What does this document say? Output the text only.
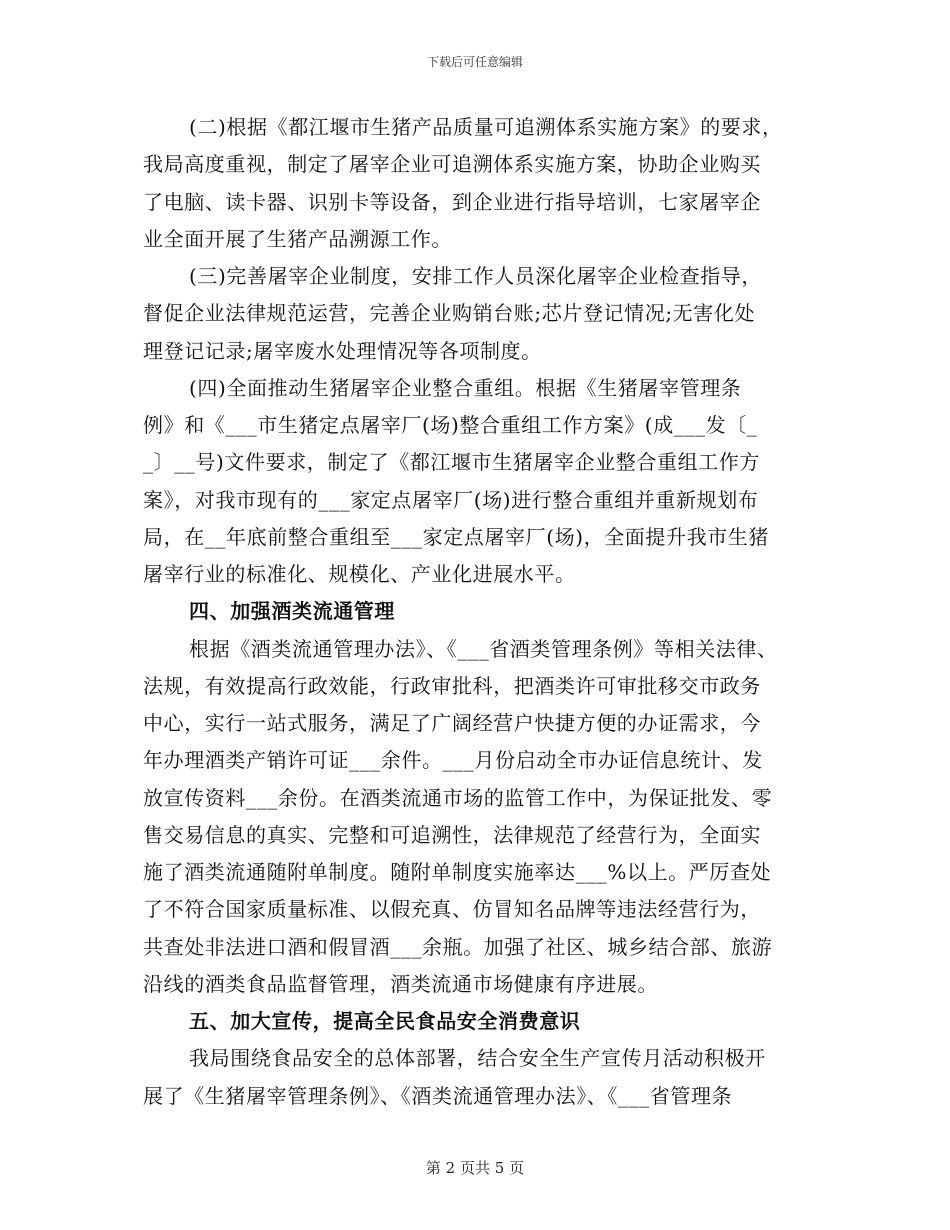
下载后可任意编辑
(二)根据《都江堰市生猪产品质量可追溯体系实施方案》的要求，
我局高度重视，制定了屠宰企业可追溯体系实施方案，协助企业购买
了电脑、读卡器、识别卡等设备，到企业进行指导培训，七家屠宰企
业全面开展了生猪产品溯源工作。
(三)完善屠宰企业制度，安排工作人员深化屠宰企业检查指导，
督促企业法律规范运营，完善企业购销台账;芯片登记情况;无害化处
理登记记录;屠宰废水处理情况等各项制度。
(四)全面推动生猪屠宰企业整合重组。根据《生猪屠宰管理条
例》和《___市生猪定点屠宰厂(场)整合重组工作方案》(成___发〔_
_〕__号)文件要求，制定了《都江堰市生猪屠宰企业整合重组工作方
案》，对我市现有的___家定点屠宰厂(场)进行整合重组并重新规划布
局，在__年底前整合重组至___家定点屠宰厂(场)，全面提升我市生猪
屠宰行业的标准化、规模化、产业化进展水平。
四、加强酒类流通管理
根据《酒类流通管理办法》、《___省酒类管理条例》等相关法律、
法规，有效提高行政效能，行政审批科，把酒类许可审批移交市政务
中心，实行一站式服务，满足了广阔经营户快捷方便的办证需求，今
年办理酒类产销许可证___余件。___月份启动全市办证信息统计、发
放宣传资料___余份。在酒类流通市场的监管工作中，为保证批发、零
售交易信息的真实、完整和可追溯性，法律规范了经营行为，全面实
施了酒类流通随附单制度。随附单制度实施率达___%以上。严厉查处
了不符合国家质量标准、以假充真、仿冒知名品牌等违法经营行为，
共查处非法进口酒和假冒酒___余瓶。加强了社区、城乡结合部、旅游
沿线的酒类食品监督管理，酒类流通市场健康有序进展。
五、加大宣传，提高全民食品安全消费意识
我局围绕食品安全的总体部署，结合安全生产宣传月活动积极开
展了《生猪屠宰管理条例》、《酒类流通管理办法》、《___省管理条
第 2 页共 5 页
